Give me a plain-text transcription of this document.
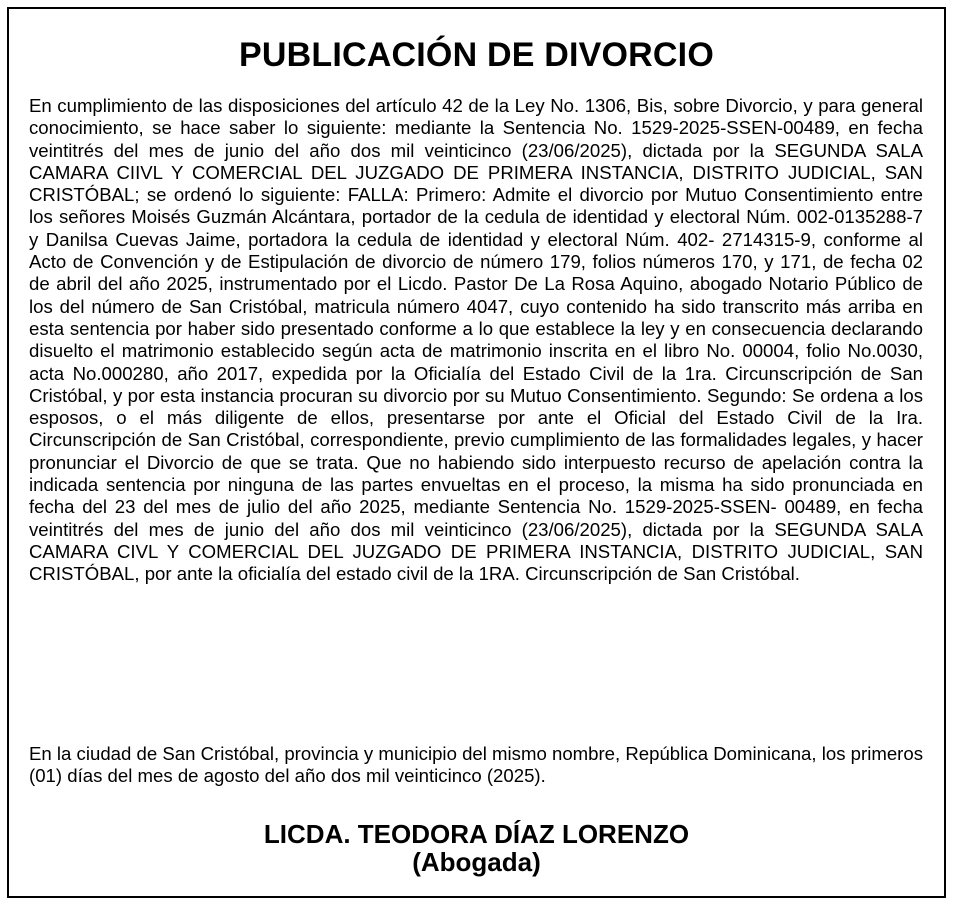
PUBLICACIÓN DE DIVORCIO

En cumplimiento de las disposiciones del artículo 42 de la Ley No. 1306, Bis, sobre Divorcio, y para general conocimiento, se hace saber lo siguiente: mediante la Sentencia No. 1529-2025-SSEN-00489, en fecha veintitrés del mes de junio del año dos mil veinticinco (23/06/2025), dictada por la SEGUNDA SALA CAMARA CIIVL Y COMERCIAL DEL JUZGADO DE PRIMERA INSTANCIA, DISTRITO JUDICIAL, SAN CRISTÓBAL; se ordenó lo siguiente: FALLA: Primero: Admite el divorcio por Mutuo Consentimiento entre los señores Moisés Guzmán Alcántara, portador de la cedula de identidad y electoral Núm. 002-0135288-7 y Danilsa Cuevas Jaime, portadora la cedula de identidad y electoral Núm. 402- 2714315-9, conforme al Acto de Convención y de Estipulación de divorcio de número 179, folios números 170, y 171, de fecha 02 de abril del año 2025, instrumentado por el Licdo. Pastor De La Rosa Aquino, abogado Notario Público de los del número de San Cristóbal, matricula número 4047, cuyo contenido ha sido transcrito más arriba en esta sentencia por haber sido presentado conforme a lo que establece la ley y en consecuencia declarando disuelto el matrimonio establecido según acta de matrimonio inscrita en el libro No. 00004, folio No.0030, acta No.000280, año 2017, expedida por la Oficialía del Estado Civil de la 1ra. Circunscripción de San Cristóbal, y por esta instancia procuran su divorcio por su Mutuo Consentimiento. Segundo: Se ordena a los esposos, o el más diligente de ellos, presentarse por ante el Oficial del Estado Civil de la Ira. Circunscripción de San Cristóbal, correspondiente, previo cumplimiento de las formalidades legales, y hacer pronunciar el Divorcio de que se trata. Que no habiendo sido interpuesto recurso de apelación contra la indicada sentencia por ninguna de las partes envueltas en el proceso, la misma ha sido pronunciada en fecha del 23 del mes de julio del año 2025, mediante Sentencia No. 1529-2025-SSEN- 00489, en fecha veintitrés del mes de junio del año dos mil veinticinco (23/06/2025), dictada por la SEGUNDA SALA CAMARA CIVL Y COMERCIAL DEL JUZGADO DE PRIMERA INSTANCIA, DISTRITO JUDICIAL, SAN CRISTÓBAL, por ante la oficialía del estado civil de la 1RA. Circunscripción de San Cristóbal.

En la ciudad de San Cristóbal, provincia y municipio del mismo nombre, República Dominicana, los primeros (01) días del mes de agosto del año dos mil veinticinco (2025).

LICDA. TEODORA DÍAZ LORENZO
(Abogada)
